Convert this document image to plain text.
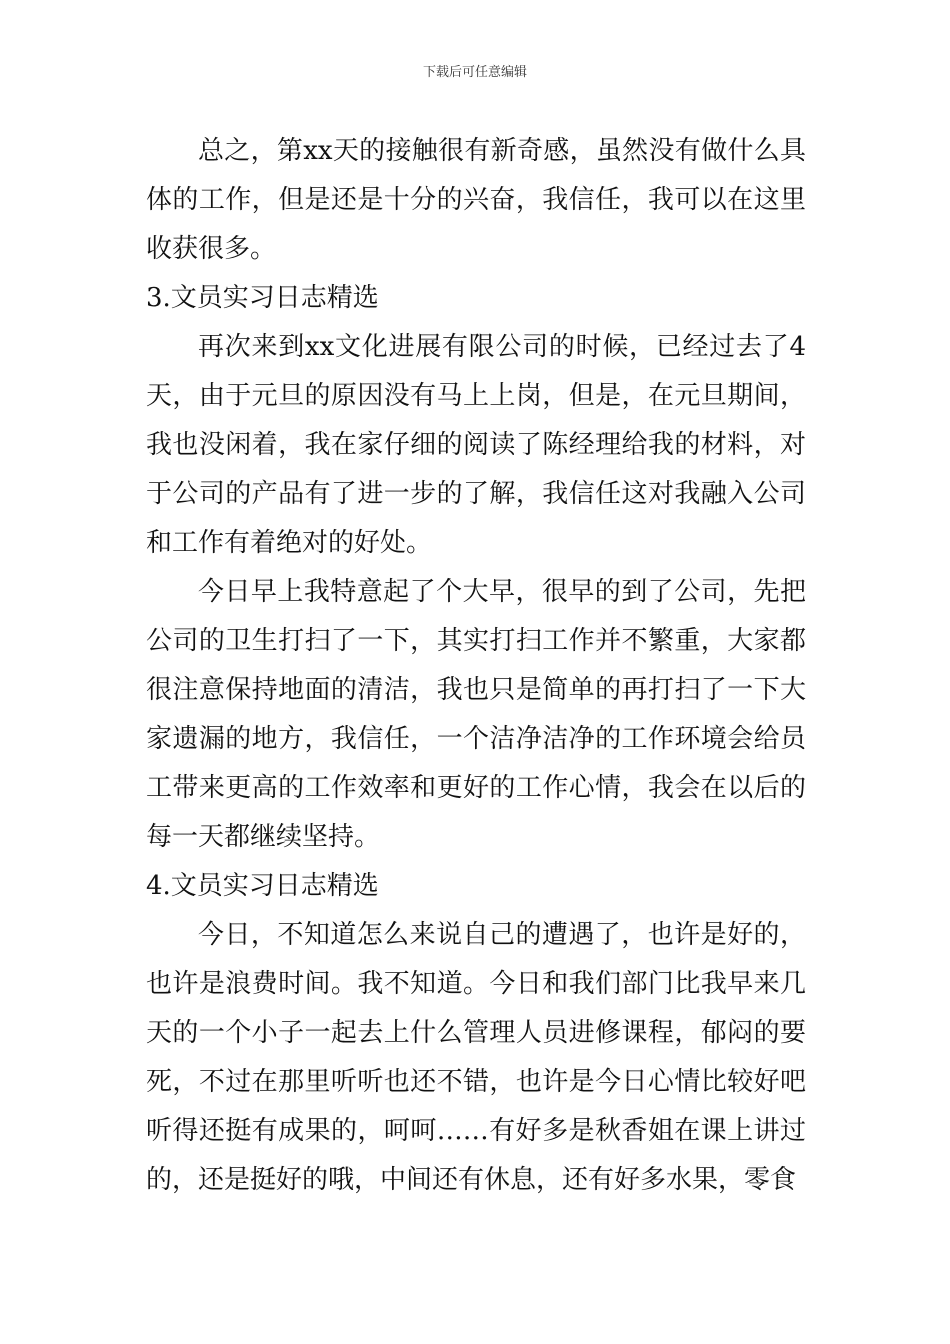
下载后可任意编辑

总之，第xx天的接触很有新奇感，虽然没有做什么具体的工作，但是还是十分的兴奋，我信任，我可以在这里收获很多。

3.文员实习日志精选

再次来到xx文化进展有限公司的时候，已经过去了4天，由于元旦的原因没有马上上岗，但是，在元旦期间，我也没闲着，我在家仔细的阅读了陈经理给我的材料，对于公司的产品有了进一步的了解，我信任这对我融入公司和工作有着绝对的好处。

今日早上我特意起了个大早，很早的到了公司，先把公司的卫生打扫了一下，其实打扫工作并不繁重，大家都很注意保持地面的清洁，我也只是简单的再打扫了一下大家遗漏的地方，我信任，一个洁净洁净的工作环境会给员工带来更高的工作效率和更好的工作心情，我会在以后的每一天都继续坚持。

4.文员实习日志精选

今日，不知道怎么来说自己的遭遇了，也许是好的，也许是浪费时间。我不知道。今日和我们部门比我早来几天的一个小子一起去上什么管理人员进修课程，郁闷的要死，不过在那里听听也还不错，也许是今日心情比较好吧听得还挺有成果的，呵呵……有好多是秋香姐在课上讲过的，还是挺好的哦，中间还有休息，还有好多水果，零食
